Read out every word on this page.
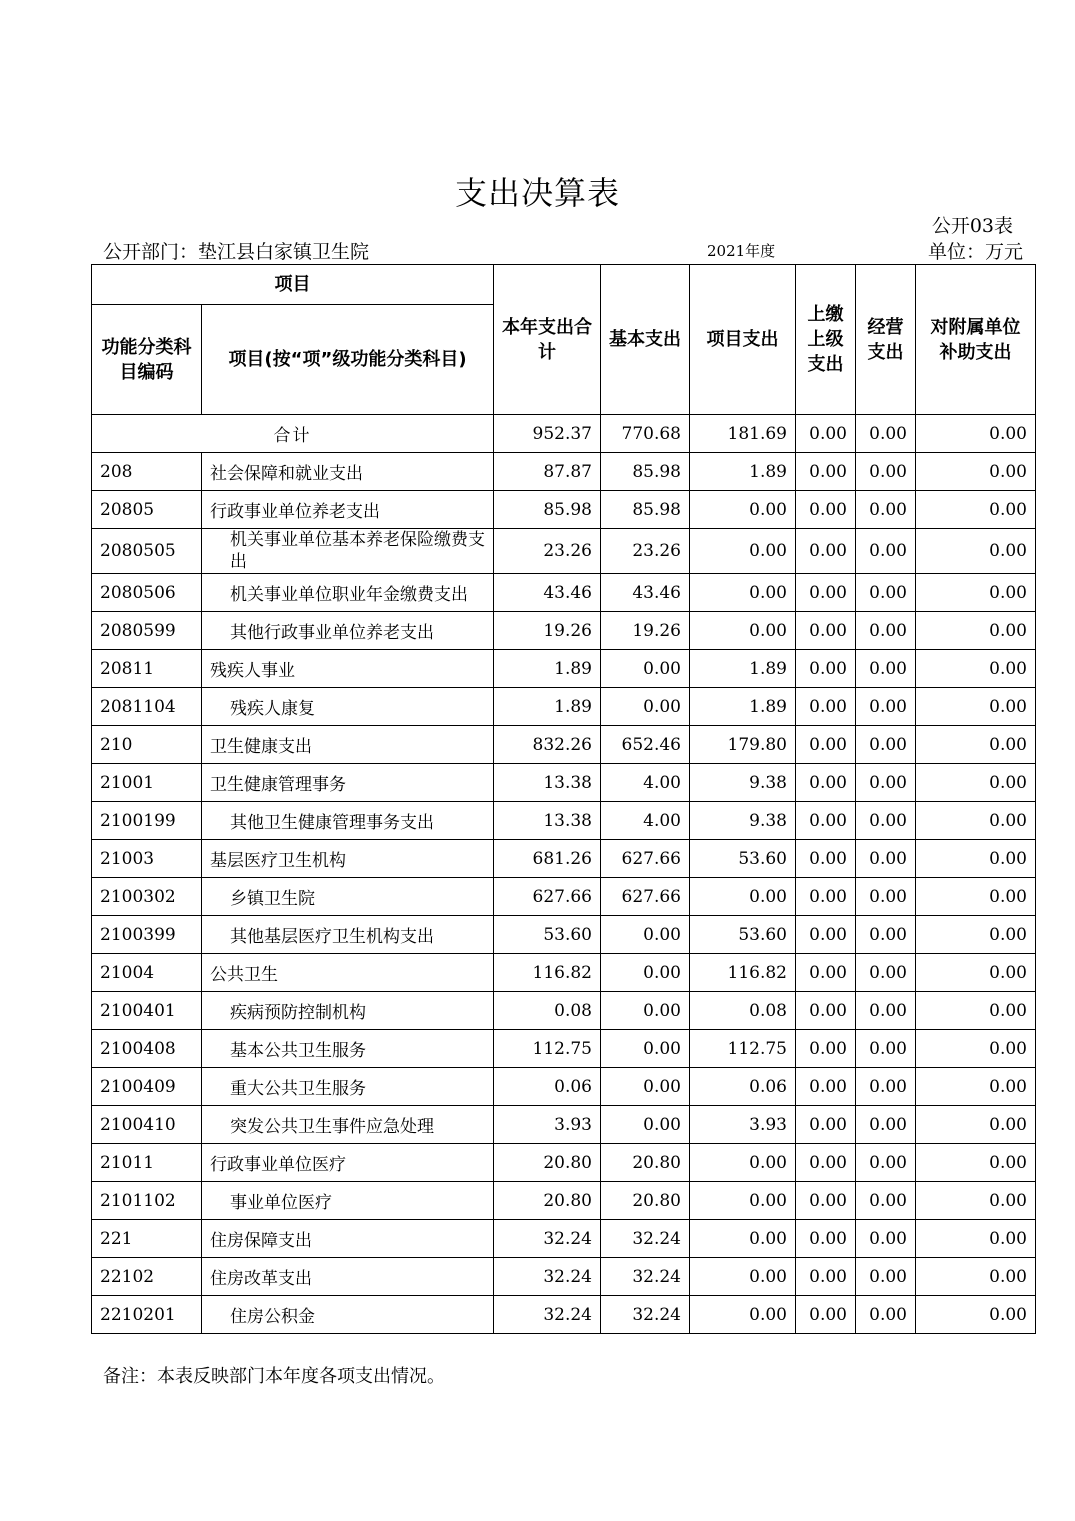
支出决算表
公开03表
公开部门：垫江县白家镇卫生院	2021年度	单位：万元
项目		本年支出合计	基本支出	项目支出	上缴上级支出	经营支出	对附属单位补助支出
功能分类科目编码	项目(按“项”级功能分类科目)						
合计		952.37	770.68	181.69	0.00	0.00	0.00
208	社会保障和就业支出	87.87	85.98	1.89	0.00	0.00	0.00
20805	行政事业单位养老支出	85.98	85.98	0.00	0.00	0.00	0.00
2080505	机关事业单位基本养老保险缴费支出	23.26	23.26	0.00	0.00	0.00	0.00
2080506	机关事业单位职业年金缴费支出	43.46	43.46	0.00	0.00	0.00	0.00
2080599	其他行政事业单位养老支出	19.26	19.26	0.00	0.00	0.00	0.00
20811	残疾人事业	1.89	0.00	1.89	0.00	0.00	0.00
2081104	残疾人康复	1.89	0.00	1.89	0.00	0.00	0.00
210	卫生健康支出	832.26	652.46	179.80	0.00	0.00	0.00
21001	卫生健康管理事务	13.38	4.00	9.38	0.00	0.00	0.00
2100199	其他卫生健康管理事务支出	13.38	4.00	9.38	0.00	0.00	0.00
21003	基层医疗卫生机构	681.26	627.66	53.60	0.00	0.00	0.00
2100302	乡镇卫生院	627.66	627.66	0.00	0.00	0.00	0.00
2100399	其他基层医疗卫生机构支出	53.60	0.00	53.60	0.00	0.00	0.00
21004	公共卫生	116.82	0.00	116.82	0.00	0.00	0.00
2100401	疾病预防控制机构	0.08	0.00	0.08	0.00	0.00	0.00
2100408	基本公共卫生服务	112.75	0.00	112.75	0.00	0.00	0.00
2100409	重大公共卫生服务	0.06	0.00	0.06	0.00	0.00	0.00
2100410	突发公共卫生事件应急处理	3.93	0.00	3.93	0.00	0.00	0.00
21011	行政事业单位医疗	20.80	20.80	0.00	0.00	0.00	0.00
2101102	事业单位医疗	20.80	20.80	0.00	0.00	0.00	0.00
221	住房保障支出	32.24	32.24	0.00	0.00	0.00	0.00
22102	住房改革支出	32.24	32.24	0.00	0.00	0.00	0.00
2210201	住房公积金	32.24	32.24	0.00	0.00	0.00	0.00
备注：本表反映部门本年度各项支出情况。
